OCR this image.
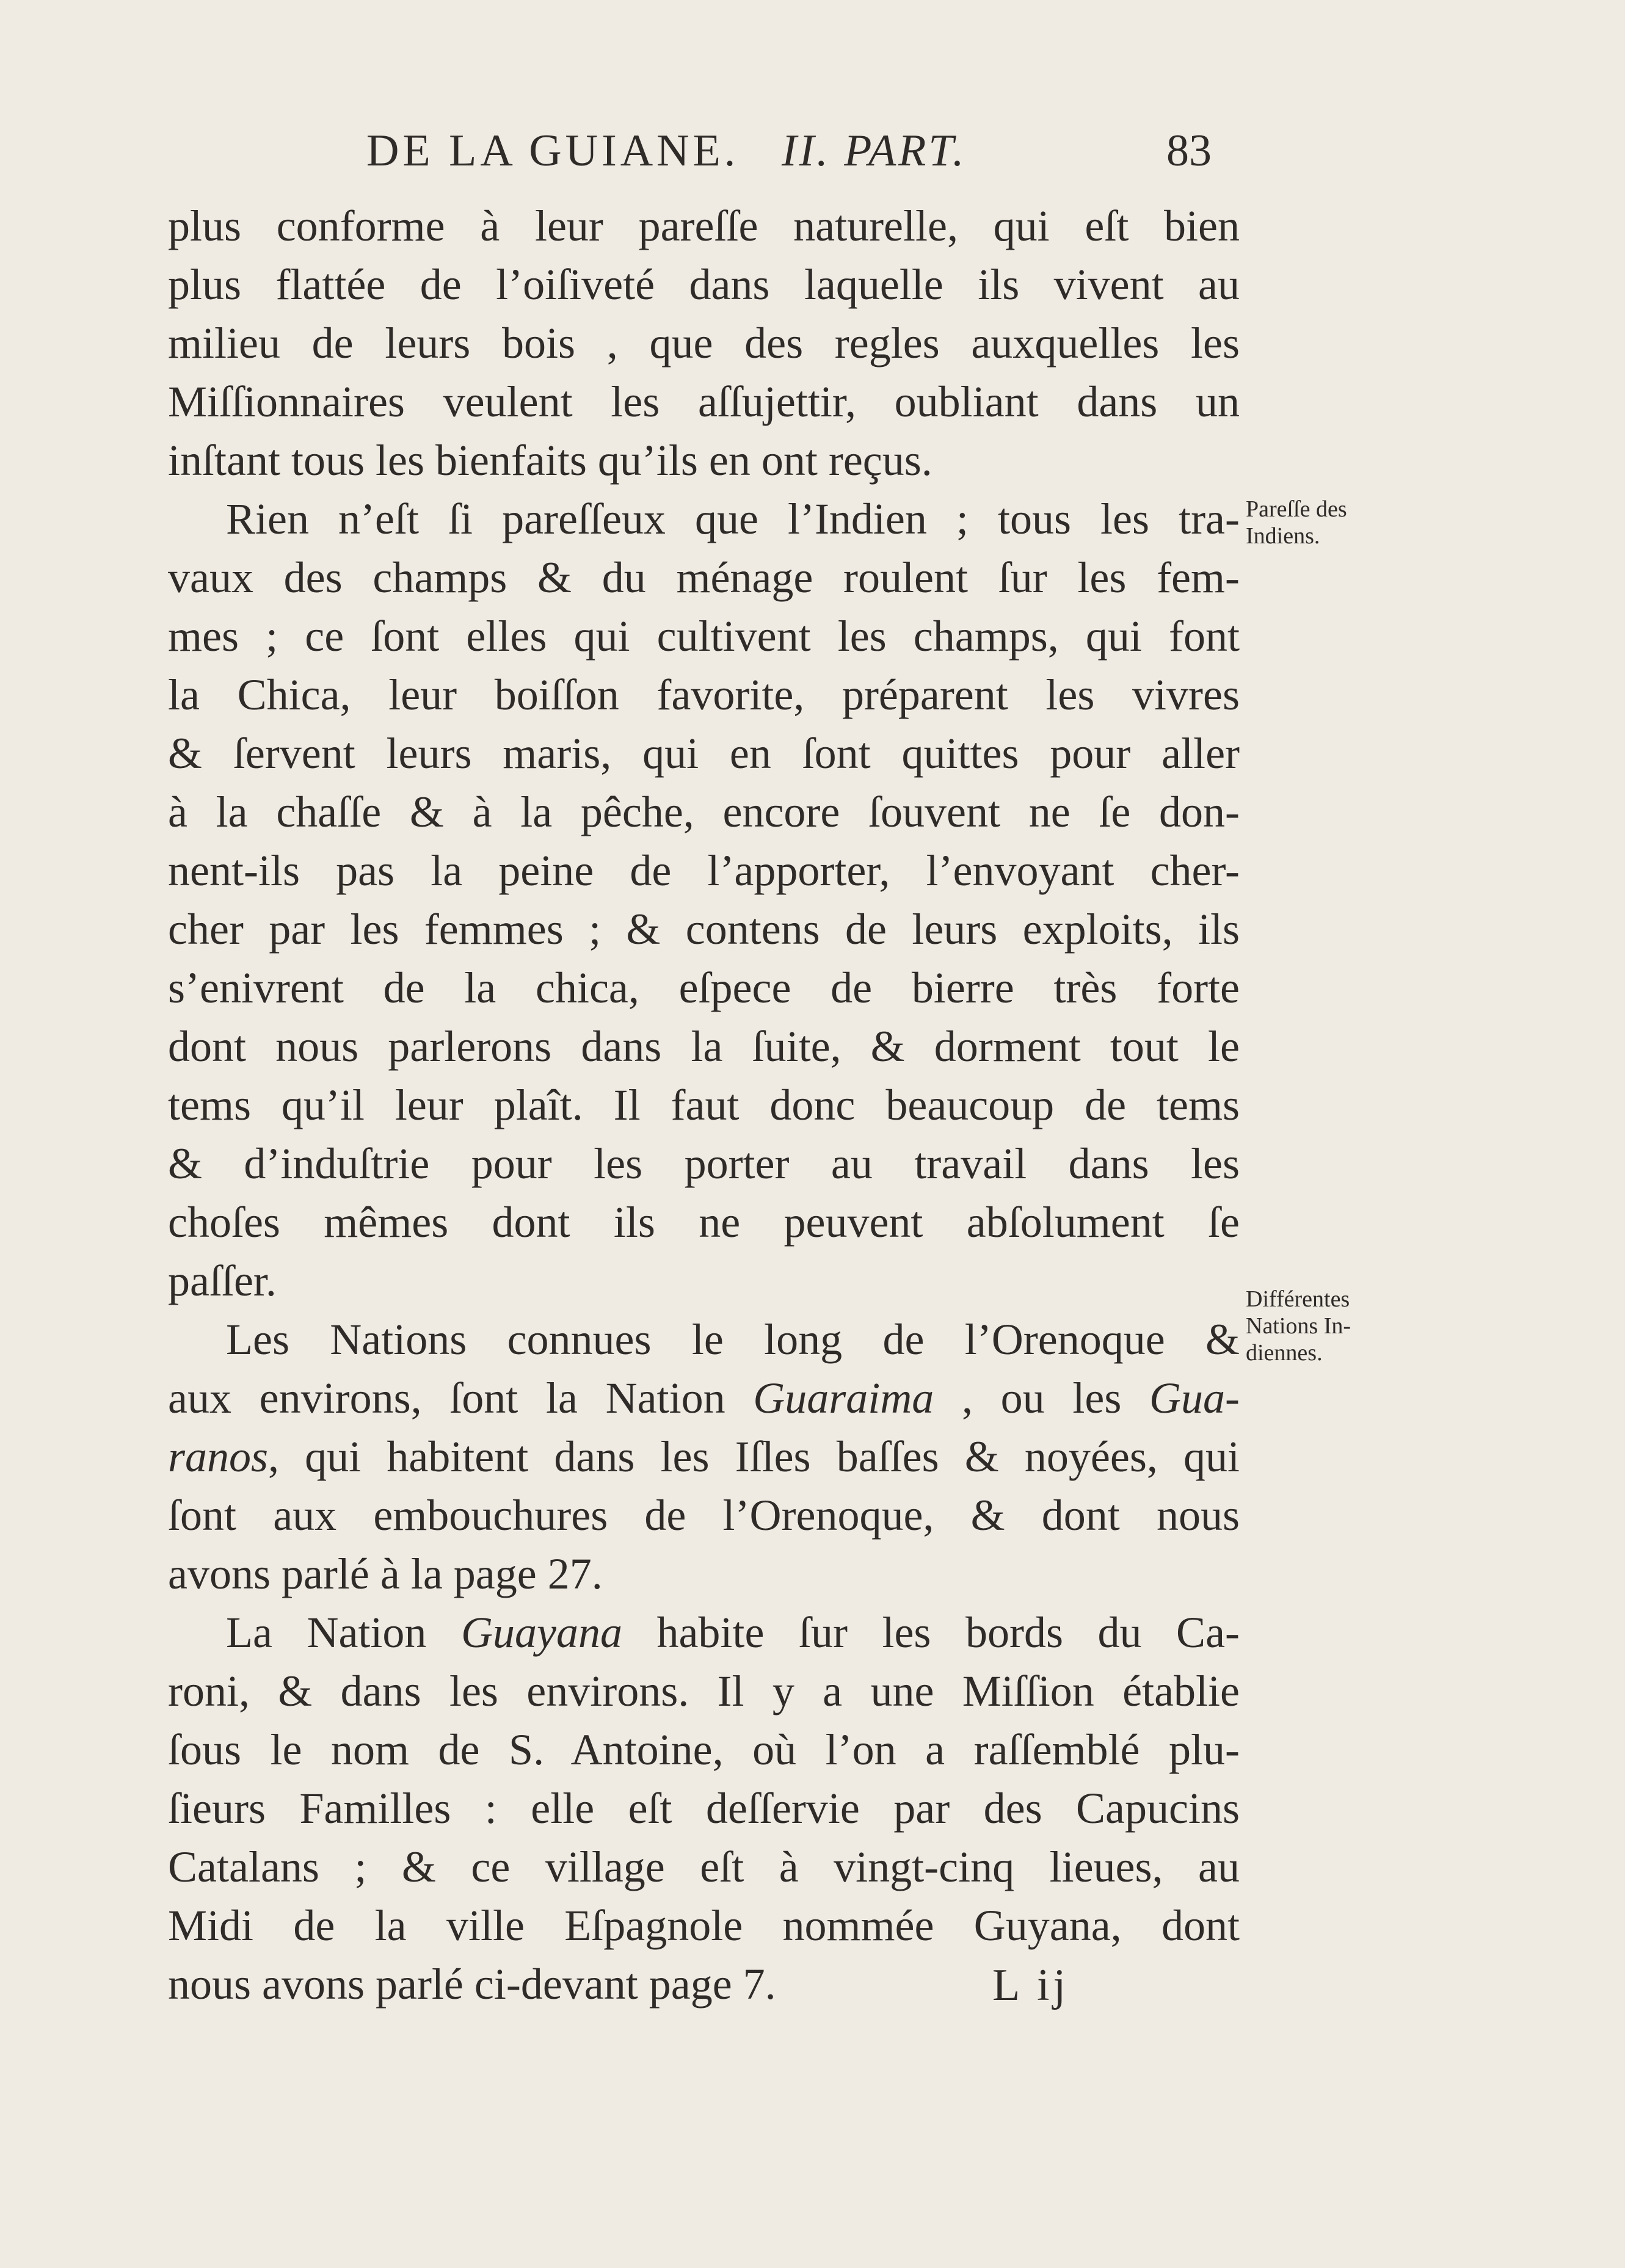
DE LA GUIANE. II. PART.	83
plus conforme à leur pareſſe naturelle, qui eſt bien
plus flattée de l’oiſiveté dans laquelle ils vivent au
milieu de leurs bois , que des regles auxquelles les
Miſſionnaires veulent les aſſujettir, oubliant dans un
inſtant tous les bienfaits qu’ils en ont reçus.
Rien n’eſt ſi pareſſeux que l’Indien ; tous les tra-
vaux des champs & du ménage roulent ſur les fem-
mes ; ce ſont elles qui cultivent les champs, qui font
la Chica, leur boiſſon favorite, préparent les vivres
& ſervent leurs maris, qui en ſont quittes pour aller
à la chaſſe & à la pêche, encore ſouvent ne ſe don-
nent-ils pas la peine de l’apporter, l’envoyant cher-
cher par les femmes ; & contens de leurs exploits, ils
s’enivrent de la chica, eſpece de bierre très forte
dont nous parlerons dans la ſuite, & dorment tout le
tems qu’il leur plaît. Il faut donc beaucoup de tems
& d’induſtrie pour les porter au travail dans les
choſes mêmes dont ils ne peuvent abſolument ſe
paſſer.
Les Nations connues le long de l’Orenoque &
aux environs, ſont la Nation Guaraima , ou les Gua-
ranos, qui habitent dans les Iſles baſſes & noyées, qui
ſont aux embouchures de l’Orenoque, & dont nous
avons parlé à la page 27.
La Nation Guayana habite ſur les bords du Ca-
roni, & dans les environs. Il y a une Miſſion établie
ſous le nom de S. Antoine, où l’on a raſſemblé plu-
ſieurs Familles : elle eſt deſſervie par des Capucins
Catalans ; & ce village eſt à vingt-cinq lieues, au
Midi de la ville Eſpagnole nommée Guyana, dont
nous avons parlé ci-devant page 7.
Pareſſe des
Indiens.
Différentes
Nations In-
diennes.
L ij
